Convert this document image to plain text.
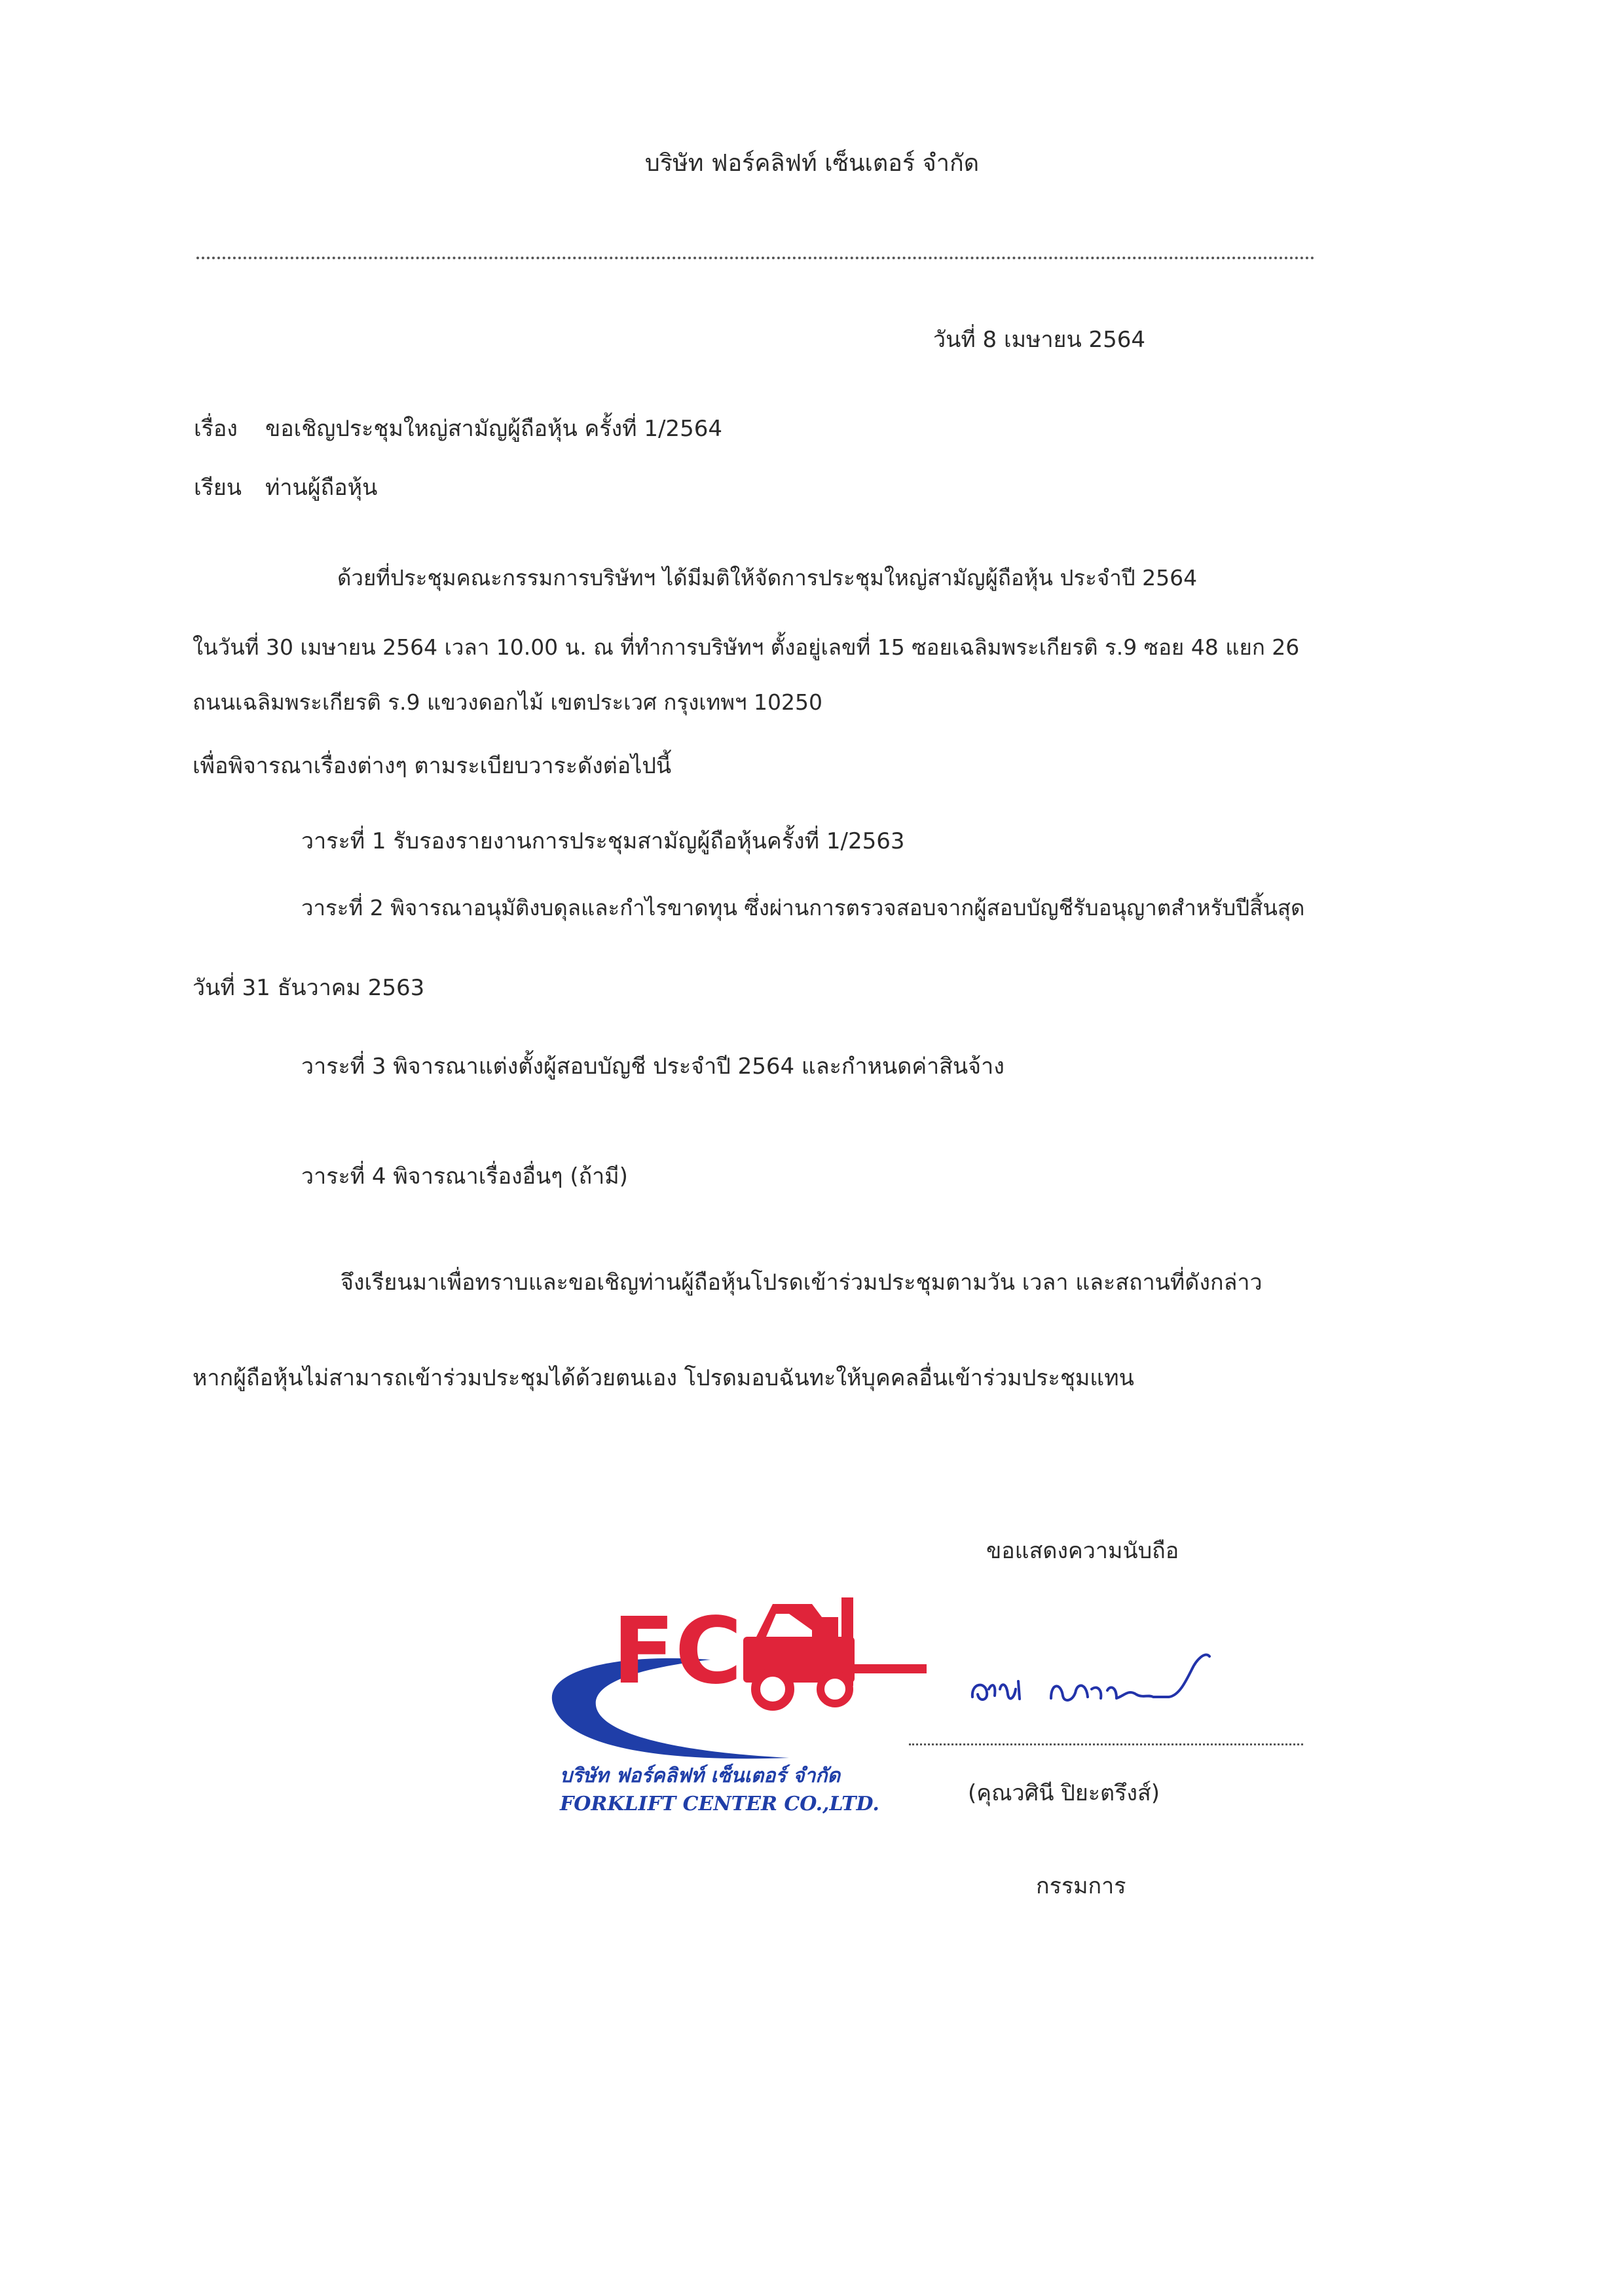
บริษัท ฟอร์คลิฟท์ เซ็นเตอร์ จำกัด
วันที่ 8 เมษายน 2564
เรื่อง ขอเชิญประชุมใหญ่สามัญผู้ถือหุ้น ครั้งที่ 1/2564
เรียน ท่านผู้ถือหุ้น
ด้วยที่ประชุมคณะกรรมการบริษัทฯ ได้มีมติให้จัดการประชุมใหญ่สามัญผู้ถือหุ้น ประจำปี 2564
ในวันที่ 30 เมษายน 2564 เวลา 10.00 น. ณ ที่ทำการบริษัทฯ ตั้งอยู่เลขที่ 15 ซอยเฉลิมพระเกียรติ ร.9 ซอย 48 แยก 26
ถนนเฉลิมพระเกียรติ ร.9 แขวงดอกไม้ เขตประเวศ กรุงเทพฯ 10250
เพื่อพิจารณาเรื่องต่างๆ ตามระเบียบวาระดังต่อไปนี้
วาระที่ 1 รับรองรายงานการประชุมสามัญผู้ถือหุ้นครั้งที่ 1/2563
วาระที่ 2 พิจารณาอนุมัติงบดุลและกำไรขาดทุน ซึ่งผ่านการตรวจสอบจากผู้สอบบัญชีรับอนุญาตสำหรับปีสิ้นสุด
วันที่ 31 ธันวาคม 2563
วาระที่ 3 พิจารณาแต่งตั้งผู้สอบบัญชี ประจำปี 2564 และกำหนดค่าสินจ้าง
วาระที่ 4 พิจารณาเรื่องอื่นๆ (ถ้ามี)
จึงเรียนมาเพื่อทราบและขอเชิญท่านผู้ถือหุ้นโปรดเข้าร่วมประชุมตามวัน เวลา และสถานที่ดังกล่าว
หากผู้ถือหุ้นไม่สามารถเข้าร่วมประชุมได้ด้วยตนเอง โปรดมอบฉันทะให้บุคคลอื่นเข้าร่วมประชุมแทน
ขอแสดงความนับถือ
FC
บริษัท ฟอร์คลิฟท์ เซ็นเตอร์ จำกัด
FORKLIFT CENTER CO.,LTD.	(คุณวศินี ปิยะตรึงส์)
กรรมการ
